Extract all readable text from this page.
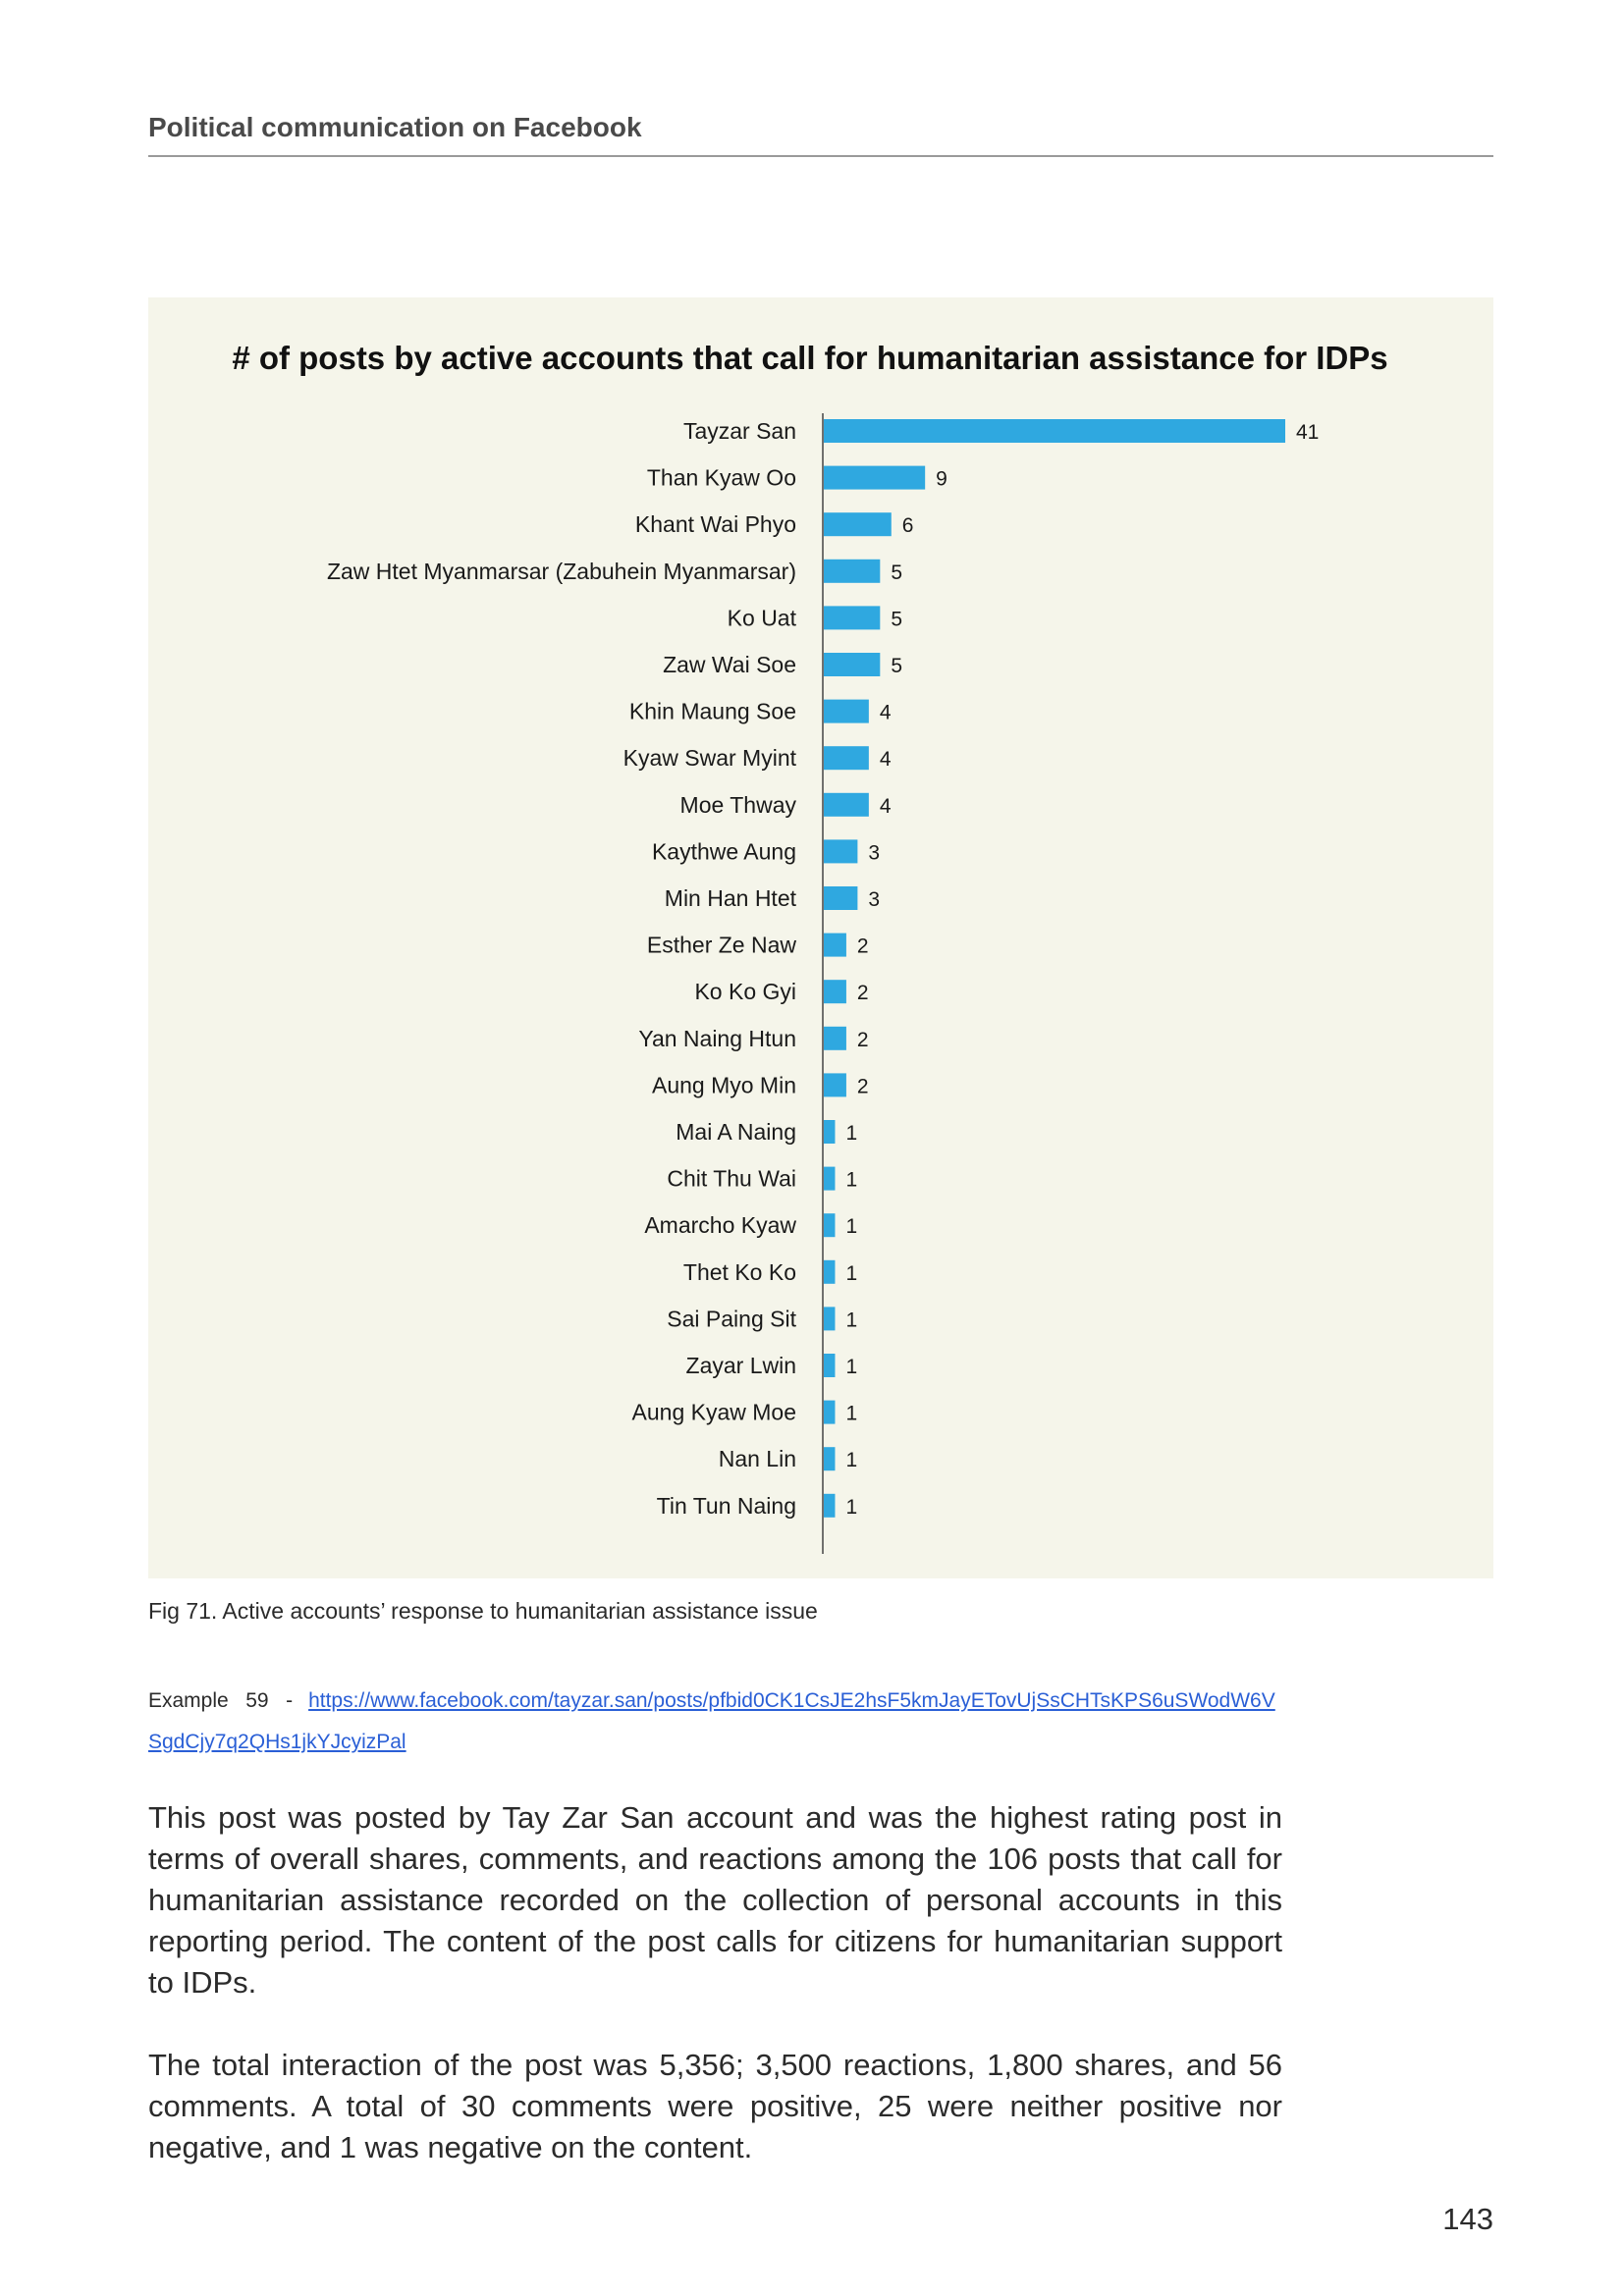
Political communication on Facebook
# of posts by active accounts that call for humanitarian assistance for IDPs
Tayzar San	41
Than Kyaw Oo	9
Khant Wai Phyo	6
Zaw Htet Myanmarsar (Zabuhein Myanmarsar)	5
Ko Uat	5
Zaw Wai Soe	5
Khin Maung Soe	4
Kyaw Swar Myint	4
Moe Thway	4
Kaythwe Aung	3
Min Han Htet	3
Esther Ze Naw	2
Ko Ko Gyi	2
Yan Naing Htun	2
Aung Myo Min	2
Mai A Naing 1
Chit Thu Wai 1
Amarcho Kyaw 1
Thet Ko Ko 1
Sai Paing Sit 1
Zayar Lwin 1
Aung Kyaw Moe 1
Nan Lin 1
Tin Tun Naing 1
Fig 71. Active accounts’ response to humanitarian assistance issue
Example   59   - https://www.facebook.com/tayzar.san/posts/pfbid0CK1CsJE2hsF5kmJayETovUjSsCHTsKPS6uSWodW6VSgdCjy7q2QHs1jkYJcyizPal

This post was posted by Tay Zar San account and was the highest rating post in terms of overall shares, comments, and reactions among the 106 posts that call for humanitarian assistance recorded on the collection of personal accounts in this reporting period. The content of the post calls for citizens for humanitarian support to IDPs.

The total interaction of the post was 5,356; 3,500 reactions, 1,800 shares, and 56 comments. A total of 30 comments were positive, 25 were neither positive nor negative, and 1 was negative on the content.

143
